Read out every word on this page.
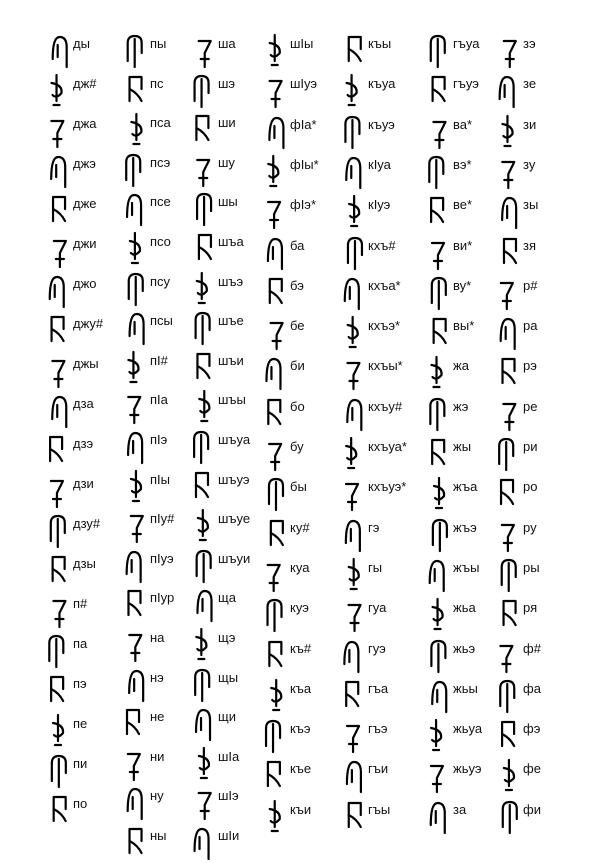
ды
дж#
джа
джэ
дже
джи
джо
джу#
джы
дза
дзэ
дзи
дзу#
дзы
п#
па
пэ
пе
пи
по
пы
пс
пса
псэ
псе
псо
псу
псы
пI#
пIа
пIэ
пIы
пIу#
пIуэ
пIур
на
нэ
не
ни
ну
ны
ша
шэ
ши
шу
шы
шъа
шъэ
шъе
шъи
шъы
шъуа
шъуэ
шъуе
шъуи
ща
щэ
щы
щи
шIа
шIэ
шIи
шIы
шIуэ
фIа*
фIы*
фIэ*
ба
бэ
бе
би
бо
бу
бы
ку#
куа
куэ
къ#
къа
къэ
къе
къи
къы
къуа
къуэ
кIуа
кIуэ
кхъ#
кхъа*
кхъэ*
кхъы*
кхъу#
кхъуа*
кхъуэ*
гэ
гы
гуа
гуэ
гъа
гъэ
гъи
гъы
гъуа
гъуэ
ва*
вэ*
ве*
ви*
ву*
вы*
жа
жэ
жы
жъа
жъэ
жъы
жьа
жьэ
жьы
жьуа
жьуэ
за
зэ
зе
зи
зу
зы
зя
р#
ра
рэ
ре
ри
ро
ру
ры
ря
ф#
фа
фэ
фе
фи
